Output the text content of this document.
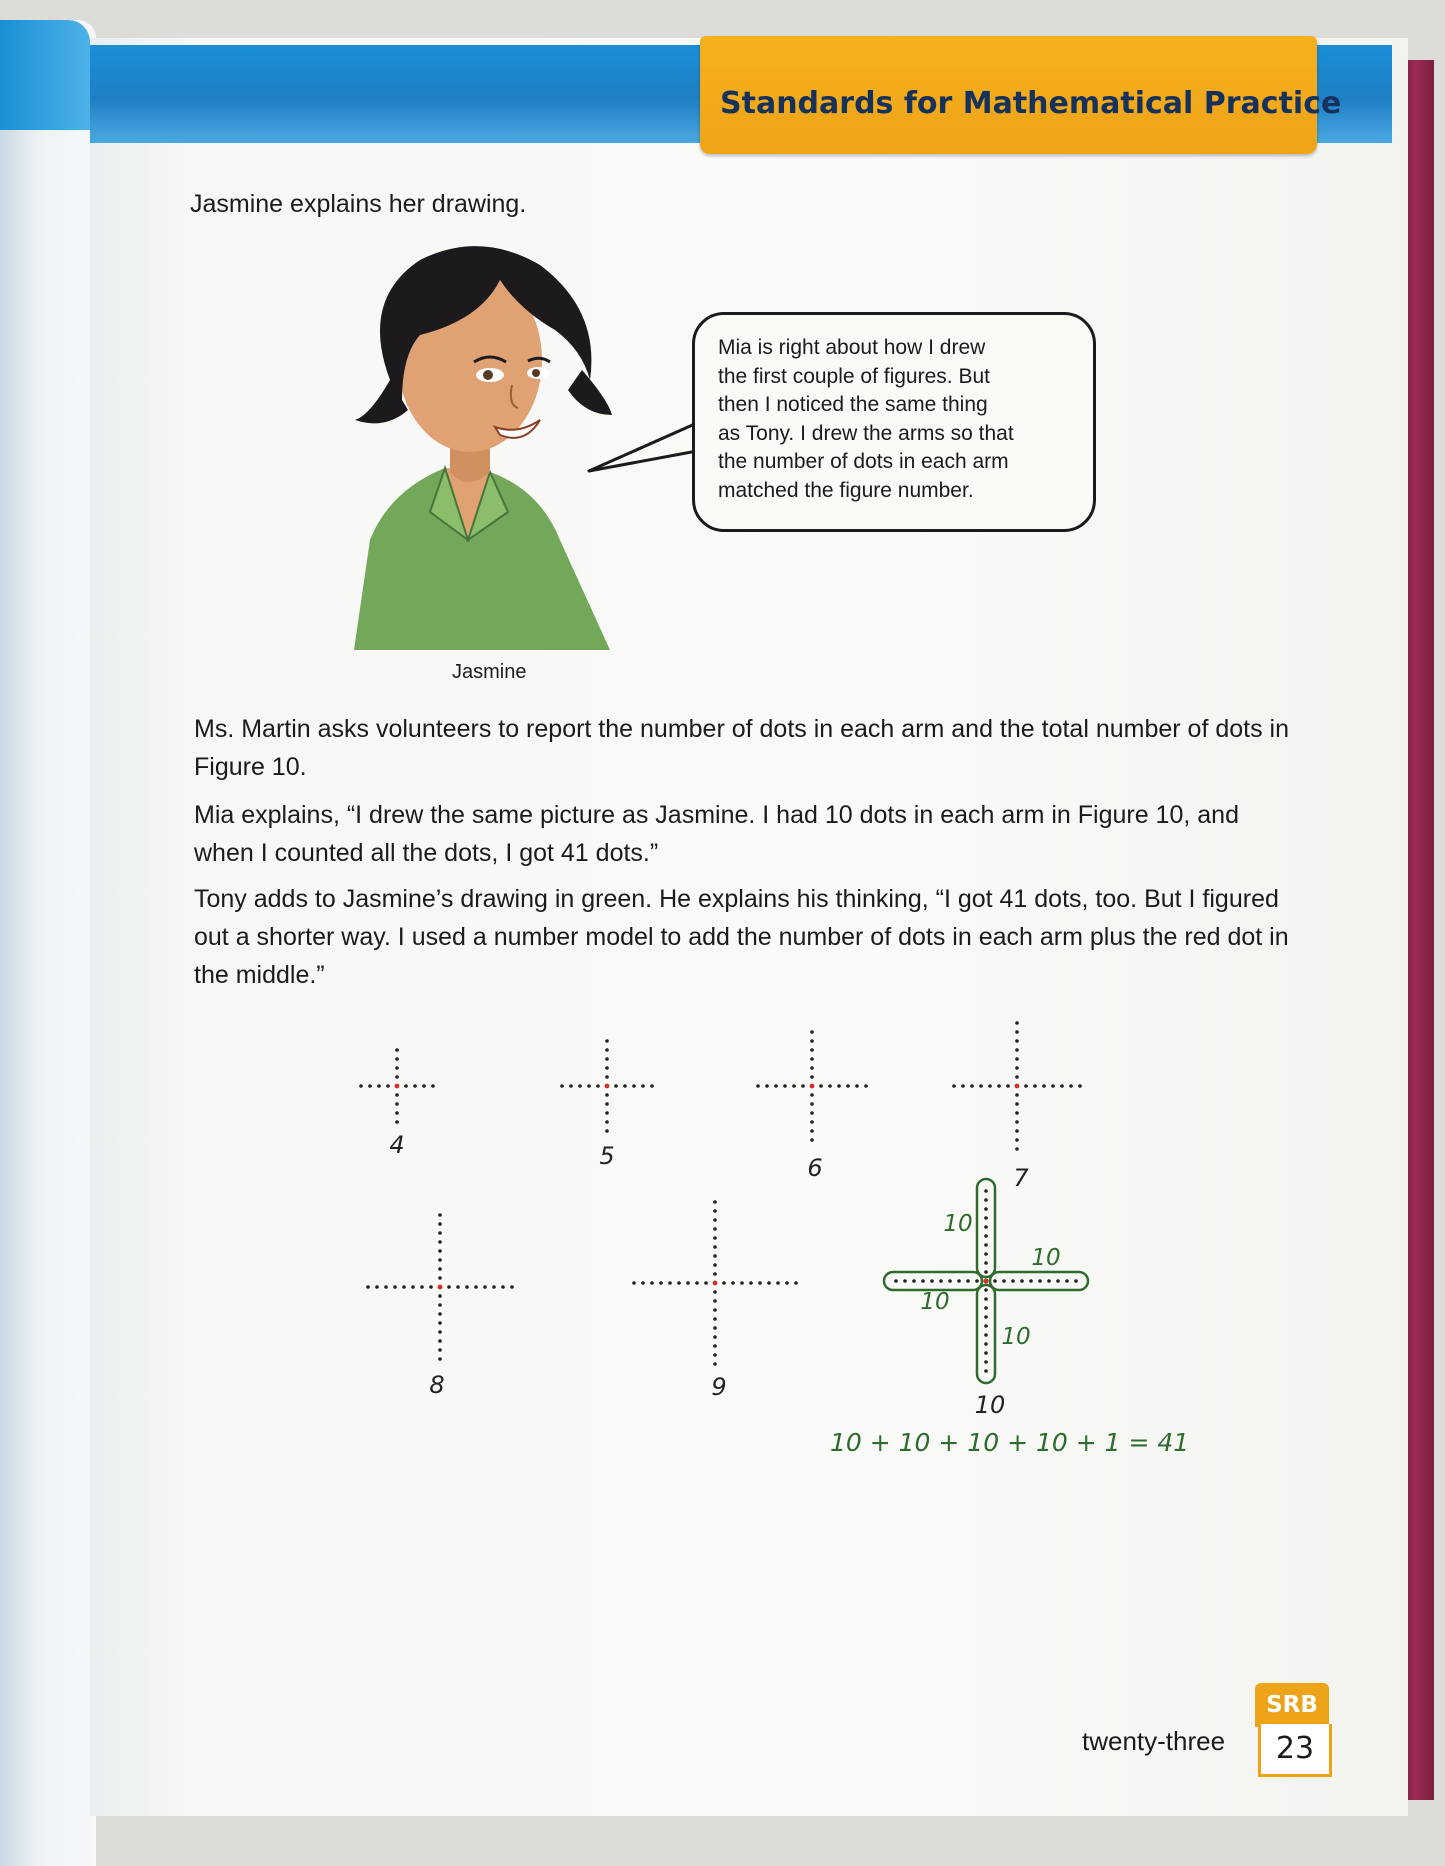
Standards for Mathematical Practice

Jasmine explains her drawing.

Mia is right about how I drew
the first couple of figures. But
then I noticed the same thing
as Tony. I drew the arms so that
the number of dots in each arm
matched the figure number.
Jasmine

Ms. Martin asks volunteers to report the number of dots in each arm and the total number of dots in Figure 10.

Mia explains, “I drew the same picture as Jasmine. I had 10 dots in each arm in Figure 10, and when I counted all the dots, I got 41 dots.”

Tony adds to Jasmine’s drawing in green. He explains his thinking, “I got 41 dots, too. But I figured out a shorter way. I used a number model to add the number of dots in each arm plus the red dot in the middle.”

4	5	6	7
8	9
10
10
10
10
10
10 + 10 + 10 + 10 + 1 = 41
twenty-three
SRB
23
